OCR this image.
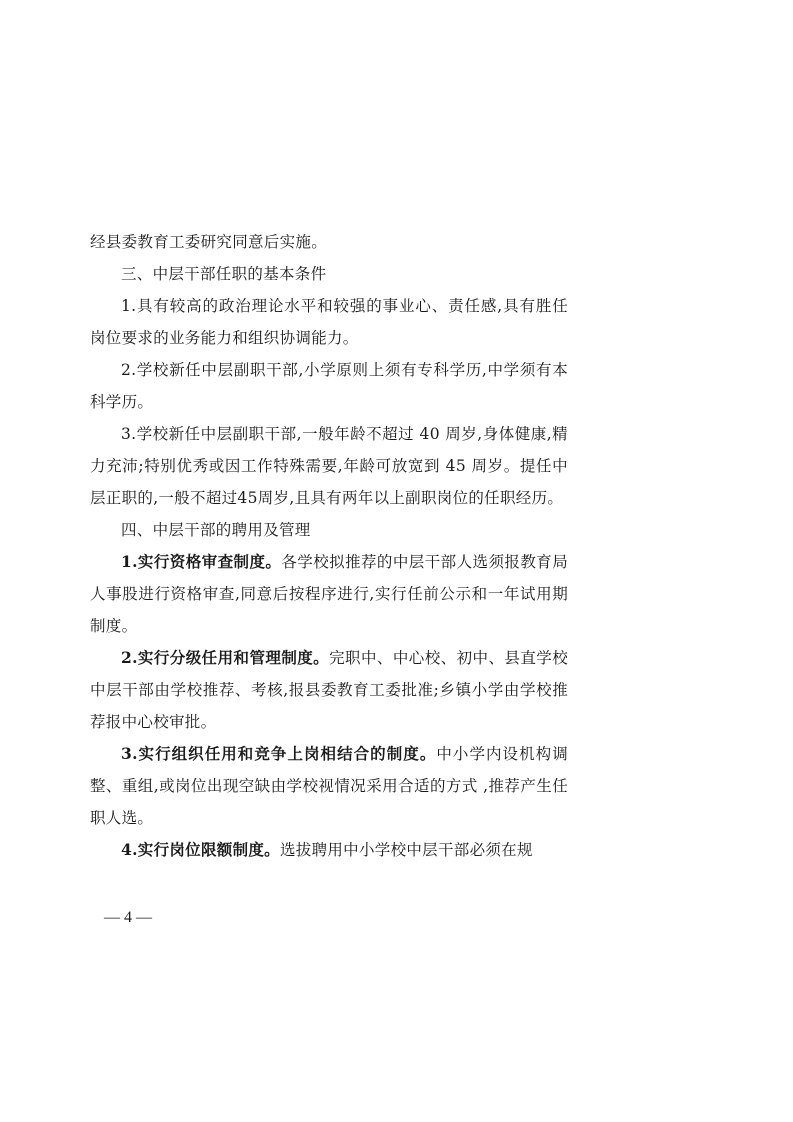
经县委教育工委研究同意后实施。

三、中层干部任职的基本条件

1.具有较高的政治理论水平和较强的事业心、责任感,具有胜任岗位要求的业务能力和组织协调能力。

2.学校新任中层副职干部,小学原则上须有专科学历,中学须有本科学历。

3.学校新任中层副职干部,一般年龄不超过 40 周岁,身体健康,精力充沛;特别优秀或因工作特殊需要,年龄可放宽到 45 周岁。提任中层正职的,一般不超过45周岁,且具有两年以上副职岗位的任职经历。

四、中层干部的聘用及管理

1.实行资格审查制度。各学校拟推荐的中层干部人选须报教育局人事股进行资格审查,同意后按程序进行,实行任前公示和一年试用期制度。

2.实行分级任用和管理制度。完职中、中心校、初中、县直学校中层干部由学校推荐、考核,报县委教育工委批准;乡镇小学由学校推荐报中心校审批。

3.实行组织任用和竞争上岗相结合的制度。中小学内设机构调整、重组,或岗位出现空缺由学校视情况采用合适的方式 ,推荐产生任职人选。

4.实行岗位限额制度。选拔聘用中小学校中层干部必须在规

— 4 —
